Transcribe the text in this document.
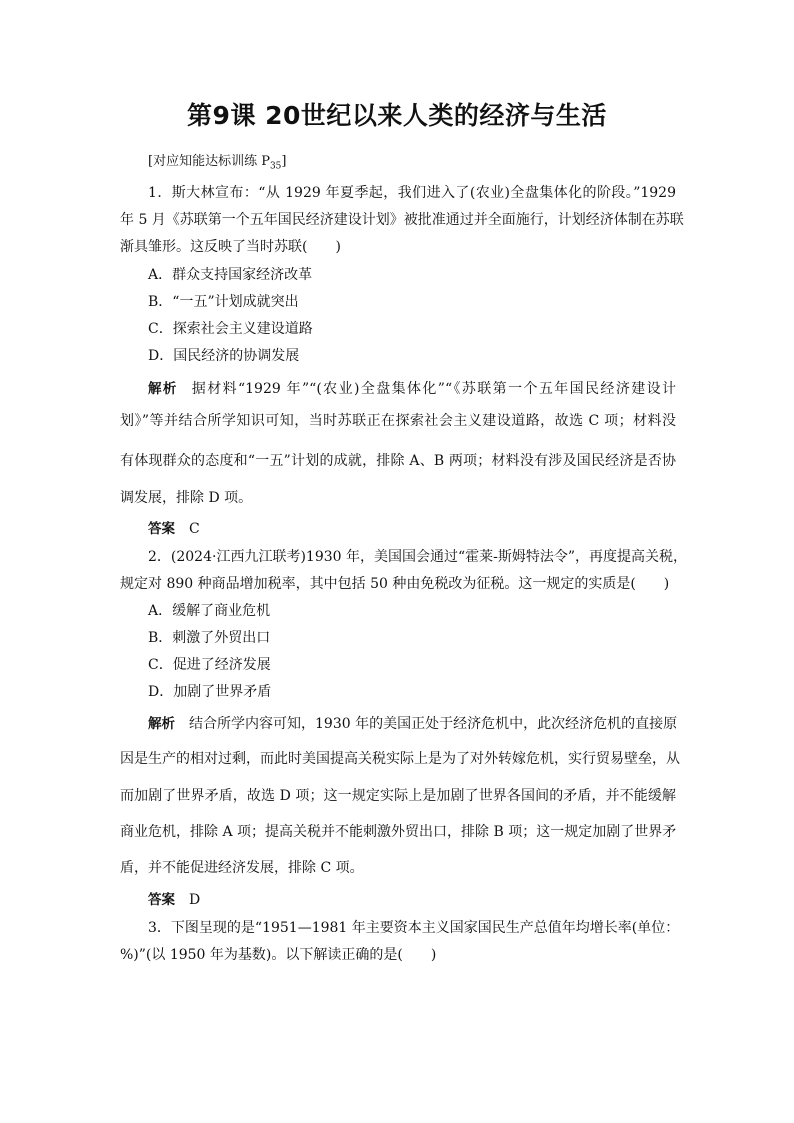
第9课 20世纪以来人类的经济与生活
[对应知能达标训练 $P_{35}$]
1．斯大林宣布：“从 1929 年夏季起，我们进入了(农业)全盘集体化的阶段。”1929
年 5 月《苏联第一个五年国民经济建设计划》被批准通过并全面施行，计划经济体制在苏联
渐具雏形。这反映了当时苏联(　　)
A．群众支持国家经济改革
B．“一五”计划成就突出
C．探索社会主义建设道路
D．国民经济的协调发展
解析 据材料“1929 年”“(农业)全盘集体化”“《苏联第一个五年国民经济建设计
划》”等并结合所学知识可知，当时苏联正在探索社会主义建设道路，故选 C 项；材料没
有体现群众的态度和“一五”计划的成就，排除 A、B 两项；材料没有涉及国民经济是否协
调发展，排除 D 项。
答案 C
2．(2024·江西九江联考)1930 年，美国国会通过“霍莱-斯姆特法令”，再度提高关税，
规定对 890 种商品增加税率，其中包括 50 种由免税改为征税。这一规定的实质是(　　)
A．缓解了商业危机
B．刺激了外贸出口
C．促进了经济发展
D．加剧了世界矛盾
解析 结合所学内容可知，1930 年的美国正处于经济危机中，此次经济危机的直接原
因是生产的相对过剩，而此时美国提高关税实际上是为了对外转嫁危机，实行贸易壁垒，从
而加剧了世界矛盾，故选 D 项；这一规定实际上是加剧了世界各国间的矛盾，并不能缓解
商业危机，排除 A 项；提高关税并不能刺激外贸出口，排除 B 项；这一规定加剧了世界矛
盾，并不能促进经济发展，排除 C 项。
答案 D
3．下图呈现的是“1951—1981 年主要资本主义国家国民生产总值年均增长率(单位：
%)”(以 1950 年为基数)。以下解读正确的是(　　)
